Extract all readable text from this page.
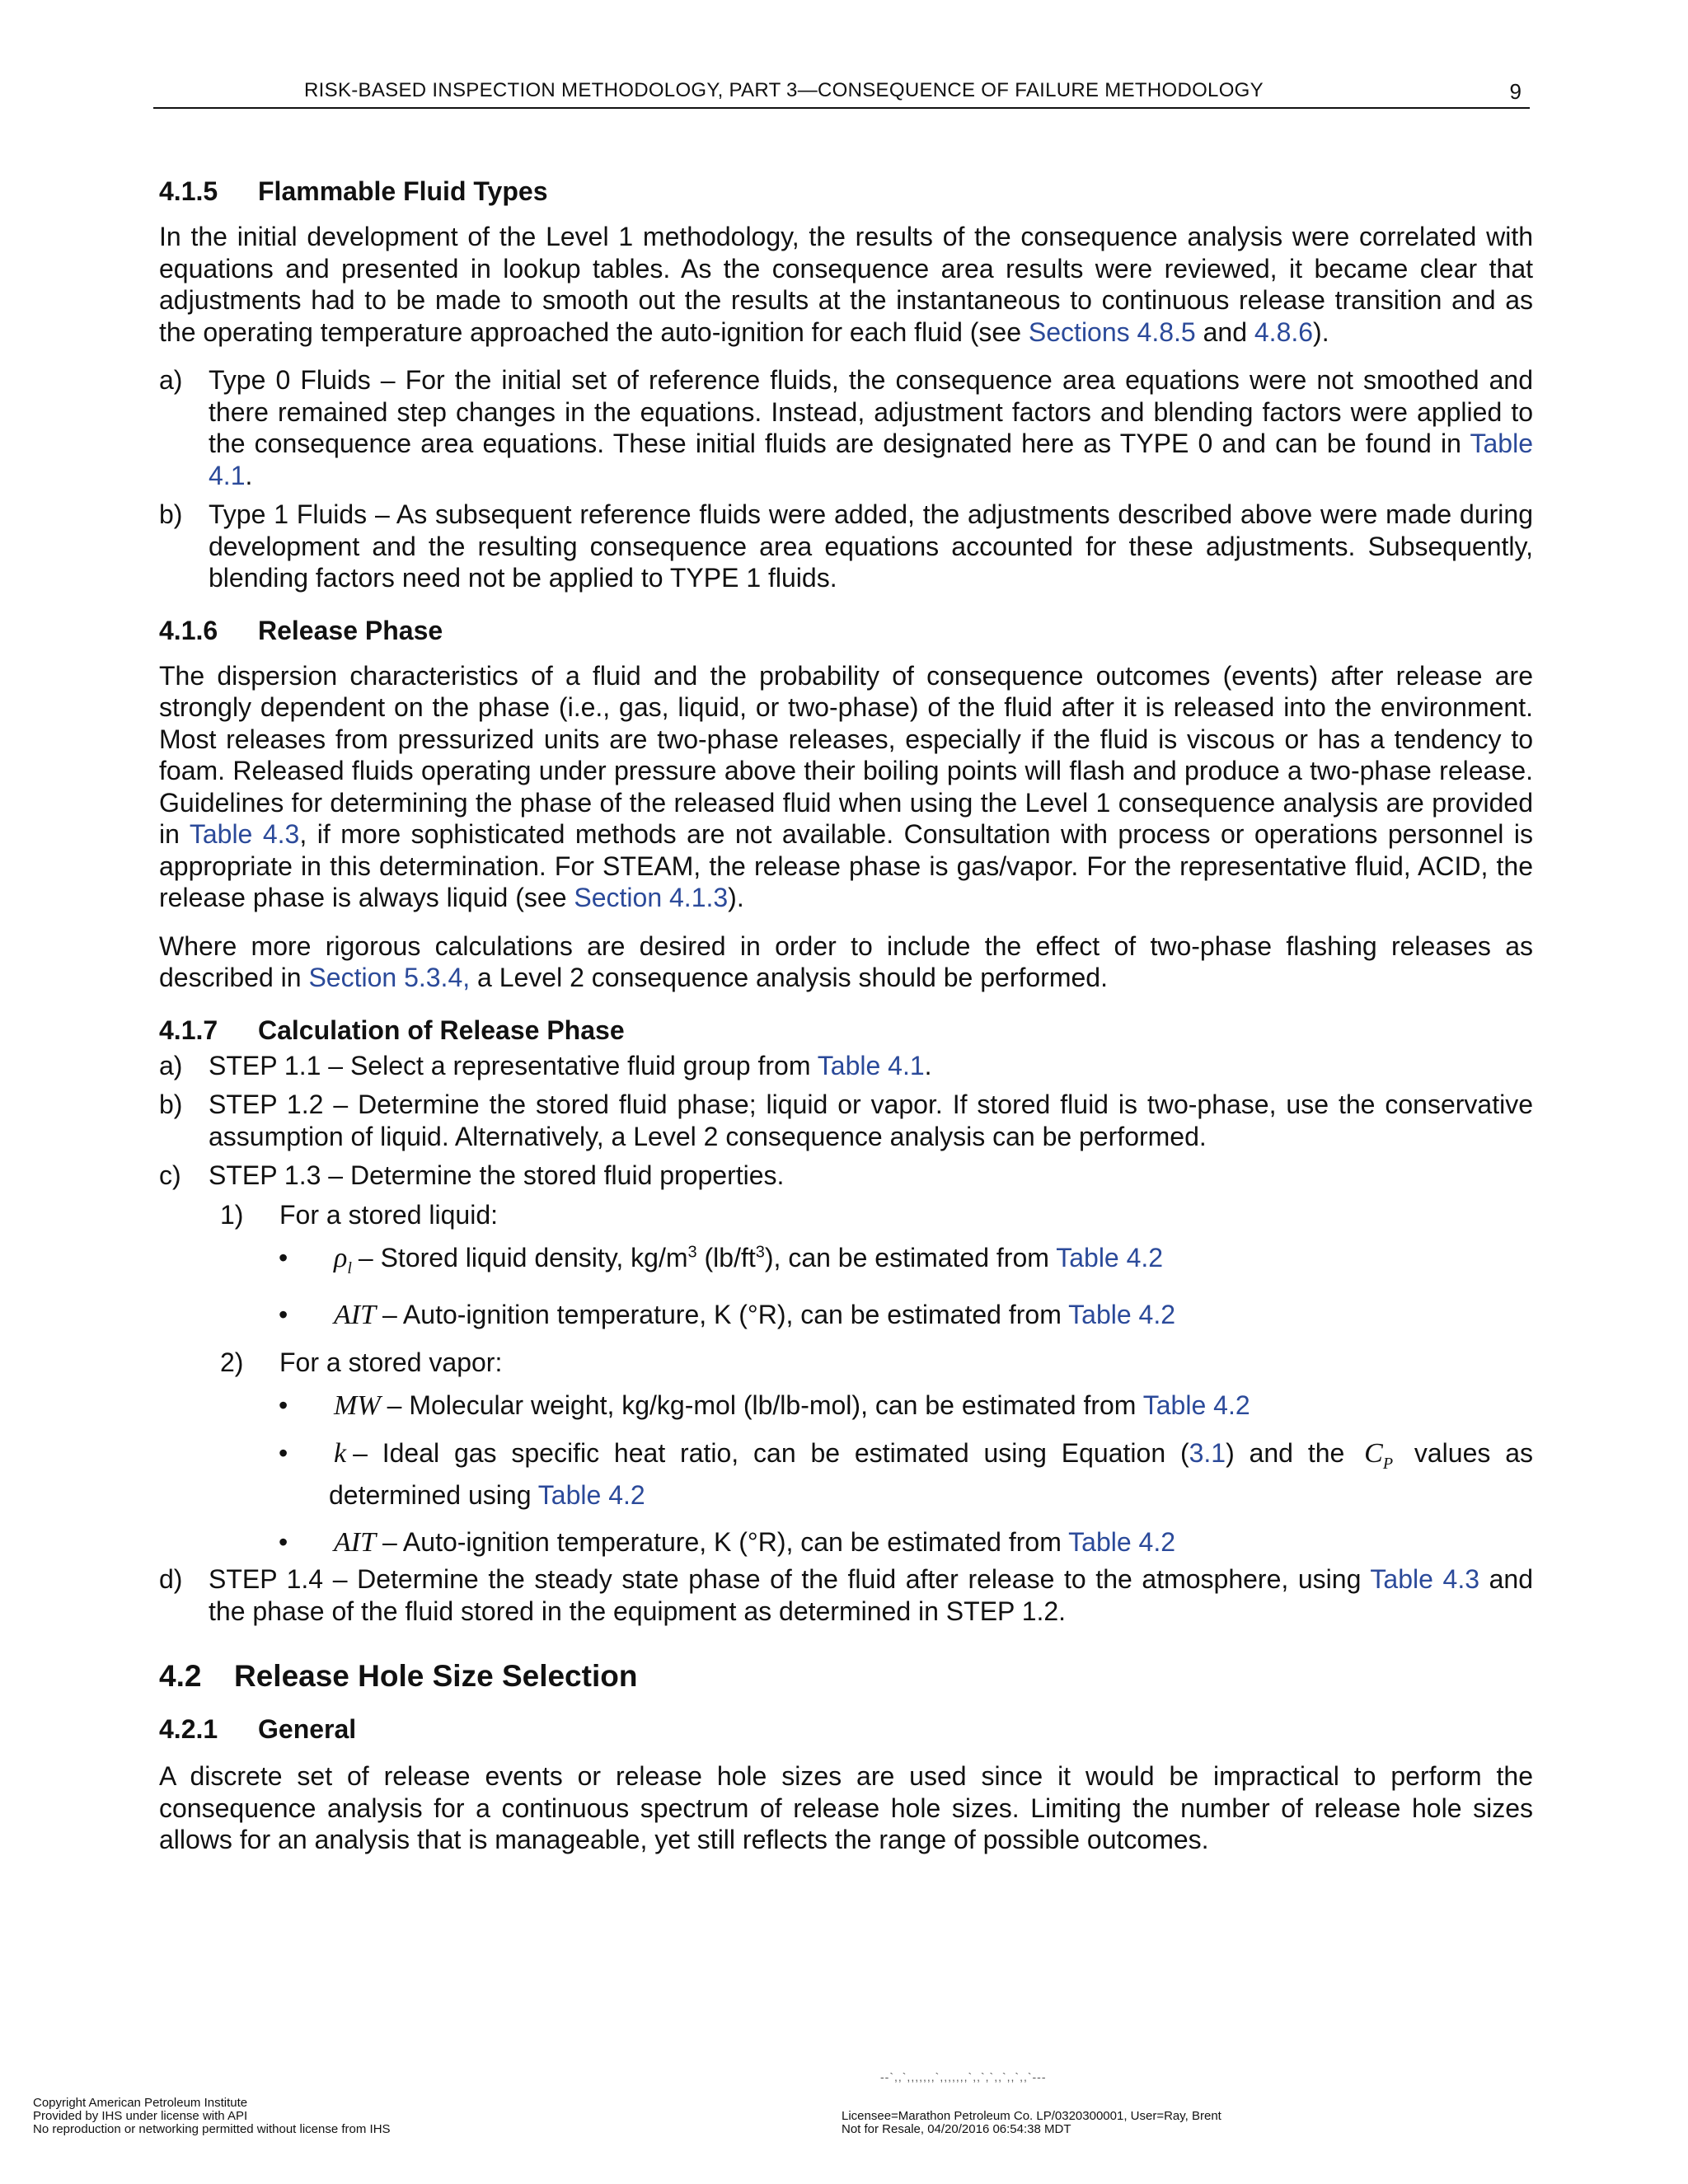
RISK-BASED INSPECTION METHODOLOGY, PART 3—CONSEQUENCE OF FAILURE METHODOLOGY	9
4.1.5 Flammable Fluid Types

In the initial development of the Level 1 methodology, the results of the consequence analysis were correlated with equations and presented in lookup tables. As the consequence area results were reviewed, it became clear that adjustments had to be made to smooth out the results at the instantaneous to continuous release transition and as the operating temperature approached the auto-ignition for each fluid (see Sections 4.8.5 and 4.8.6).

a) Type 0 Fluids – For the initial set of reference fluids, the consequence area equations were not smoothed and there remained step changes in the equations. Instead, adjustment factors and blending factors were applied to the consequence area equations. These initial fluids are designated here as TYPE 0 and can be found in Table 4.1.
b) Type 1 Fluids – As subsequent reference fluids were added, the adjustments described above were made during development and the resulting consequence area equations accounted for these adjustments. Subsequently, blending factors need not be applied to TYPE 1 fluids.
4.1.6 Release Phase

The dispersion characteristics of a fluid and the probability of consequence outcomes (events) after release are strongly dependent on the phase (i.e., gas, liquid, or two-phase) of the fluid after it is released into the environment. Most releases from pressurized units are two-phase releases, especially if the fluid is viscous or has a tendency to foam. Released fluids operating under pressure above their boiling points will flash and produce a two-phase release. Guidelines for determining the phase of the released fluid when using the Level 1 consequence analysis are provided in Table 4.3, if more sophisticated methods are not available. Consultation with process or operations personnel is appropriate in this determination. For STEAM, the release phase is gas/vapor. For the representative fluid, ACID, the release phase is always liquid (see Section 4.1.3).

Where more rigorous calculations are desired in order to include the effect of two-phase flashing releases as described in Section 5.3.4, a Level 2 consequence analysis should be performed.

4.1.7 Calculation of Release Phase
a) STEP 1.1 – Select a representative fluid group from Table 4.1.
b) STEP 1.2 – Determine the stored fluid phase; liquid or vapor. If stored fluid is two-phase, use the conservative assumption of liquid. Alternatively, a Level 2 consequence analysis can be performed.
c) STEP 1.3 – Determine the stored fluid properties.
1) For a stored liquid:
• $\rho_l$ – Stored liquid density, $kg/m^3$ $(lb/ft^3)$, can be estimated from Table 4.2
• AIT – Auto-ignition temperature, K (°R), can be estimated from Table 4.2
2) For a stored vapor:
• MW – Molecular weight, kg/kg-mol (lb/lb-mol), can be estimated from Table 4.2
• k – Ideal gas specific heat ratio, can be estimated using Equation (3.1) and the $C_P$ values as determined using Table 4.2
• AIT – Auto-ignition temperature, K (°R), can be estimated from Table 4.2
d) STEP 1.4 – Determine the steady state phase of the fluid after release to the atmosphere, using Table 4.3 and the phase of the fluid stored in the equipment as determined in STEP 1.2.
4.2 Release Hole Size Selection
4.2.1 General

A discrete set of release events or release hole sizes are used since it would be impractical to perform the consequence analysis for a continuous spectrum of release hole sizes. Limiting the number of release hole sizes allows for an analysis that is manageable, yet still reflects the range of possible outcomes.

--`,,`,,,,,,,`,,,,,,,`,,`,`,,`,,`,,`---
Copyright American Petroleum Institute
Provided by IHS under license with API
No reproduction or networking permitted without license from IHS
Licensee=Marathon Petroleum Co. LP/0320300001, User=Ray, Brent
Not for Resale, 04/20/2016 06:54:38 MDT
